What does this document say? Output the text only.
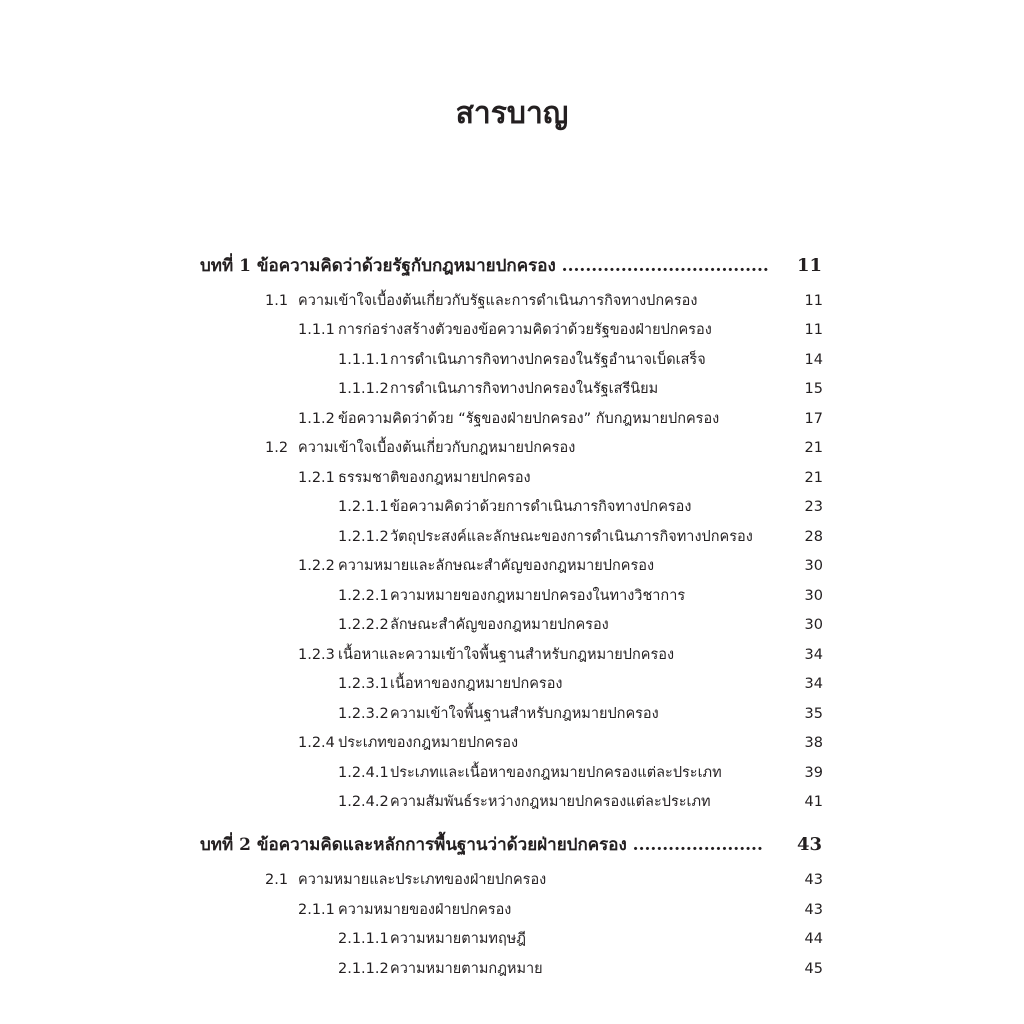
สารบาญ
บทที่ 1 ข้อความคิดว่าด้วยรัฐกับกฎหมายปกครอง ................................... 11
1.1 ความเข้าใจเบื้องต้นเกี่ยวกับรัฐและการดำเนินภารกิจทางปกครอง	11
1.1.1 การก่อร่างสร้างตัวของข้อความคิดว่าด้วยรัฐของฝ่ายปกครอง	11
1.1.1.1 การดำเนินภารกิจทางปกครองในรัฐอำนาจเบ็ดเสร็จ	14
1.1.1.2 การดำเนินภารกิจทางปกครองในรัฐเสรีนิยม	15
1.1.2 ข้อความคิดว่าด้วย “รัฐของฝ่ายปกครอง” กับกฎหมายปกครอง	17
1.2 ความเข้าใจเบื้องต้นเกี่ยวกับกฎหมายปกครอง	21
1.2.1 ธรรมชาติของกฎหมายปกครอง	21
1.2.1.1 ข้อความคิดว่าด้วยการดำเนินภารกิจทางปกครอง	23
1.2.1.2 วัตถุประสงค์และลักษณะของการดำเนินภารกิจทางปกครอง	28
1.2.2 ความหมายและลักษณะสำคัญของกฎหมายปกครอง	30
1.2.2.1 ความหมายของกฎหมายปกครองในทางวิชาการ	30
1.2.2.2 ลักษณะสำคัญของกฎหมายปกครอง	30
1.2.3 เนื้อหาและความเข้าใจพื้นฐานสำหรับกฎหมายปกครอง	34
1.2.3.1 เนื้อหาของกฎหมายปกครอง	34
1.2.3.2 ความเข้าใจพื้นฐานสำหรับกฎหมายปกครอง	35
1.2.4 ประเภทของกฎหมายปกครอง	38
1.2.4.1 ประเภทและเนื้อหาของกฎหมายปกครองแต่ละประเภท	39
1.2.4.2 ความสัมพันธ์ระหว่างกฎหมายปกครองแต่ละประเภท	41
บทที่ 2 ข้อความคิดและหลักการพื้นฐานว่าด้วยฝ่ายปกครอง ...................... 43
2.1 ความหมายและประเภทของฝ่ายปกครอง	43
2.1.1 ความหมายของฝ่ายปกครอง	43
2.1.1.1 ความหมายตามทฤษฎี	44
2.1.1.2 ความหมายตามกฎหมาย	45
